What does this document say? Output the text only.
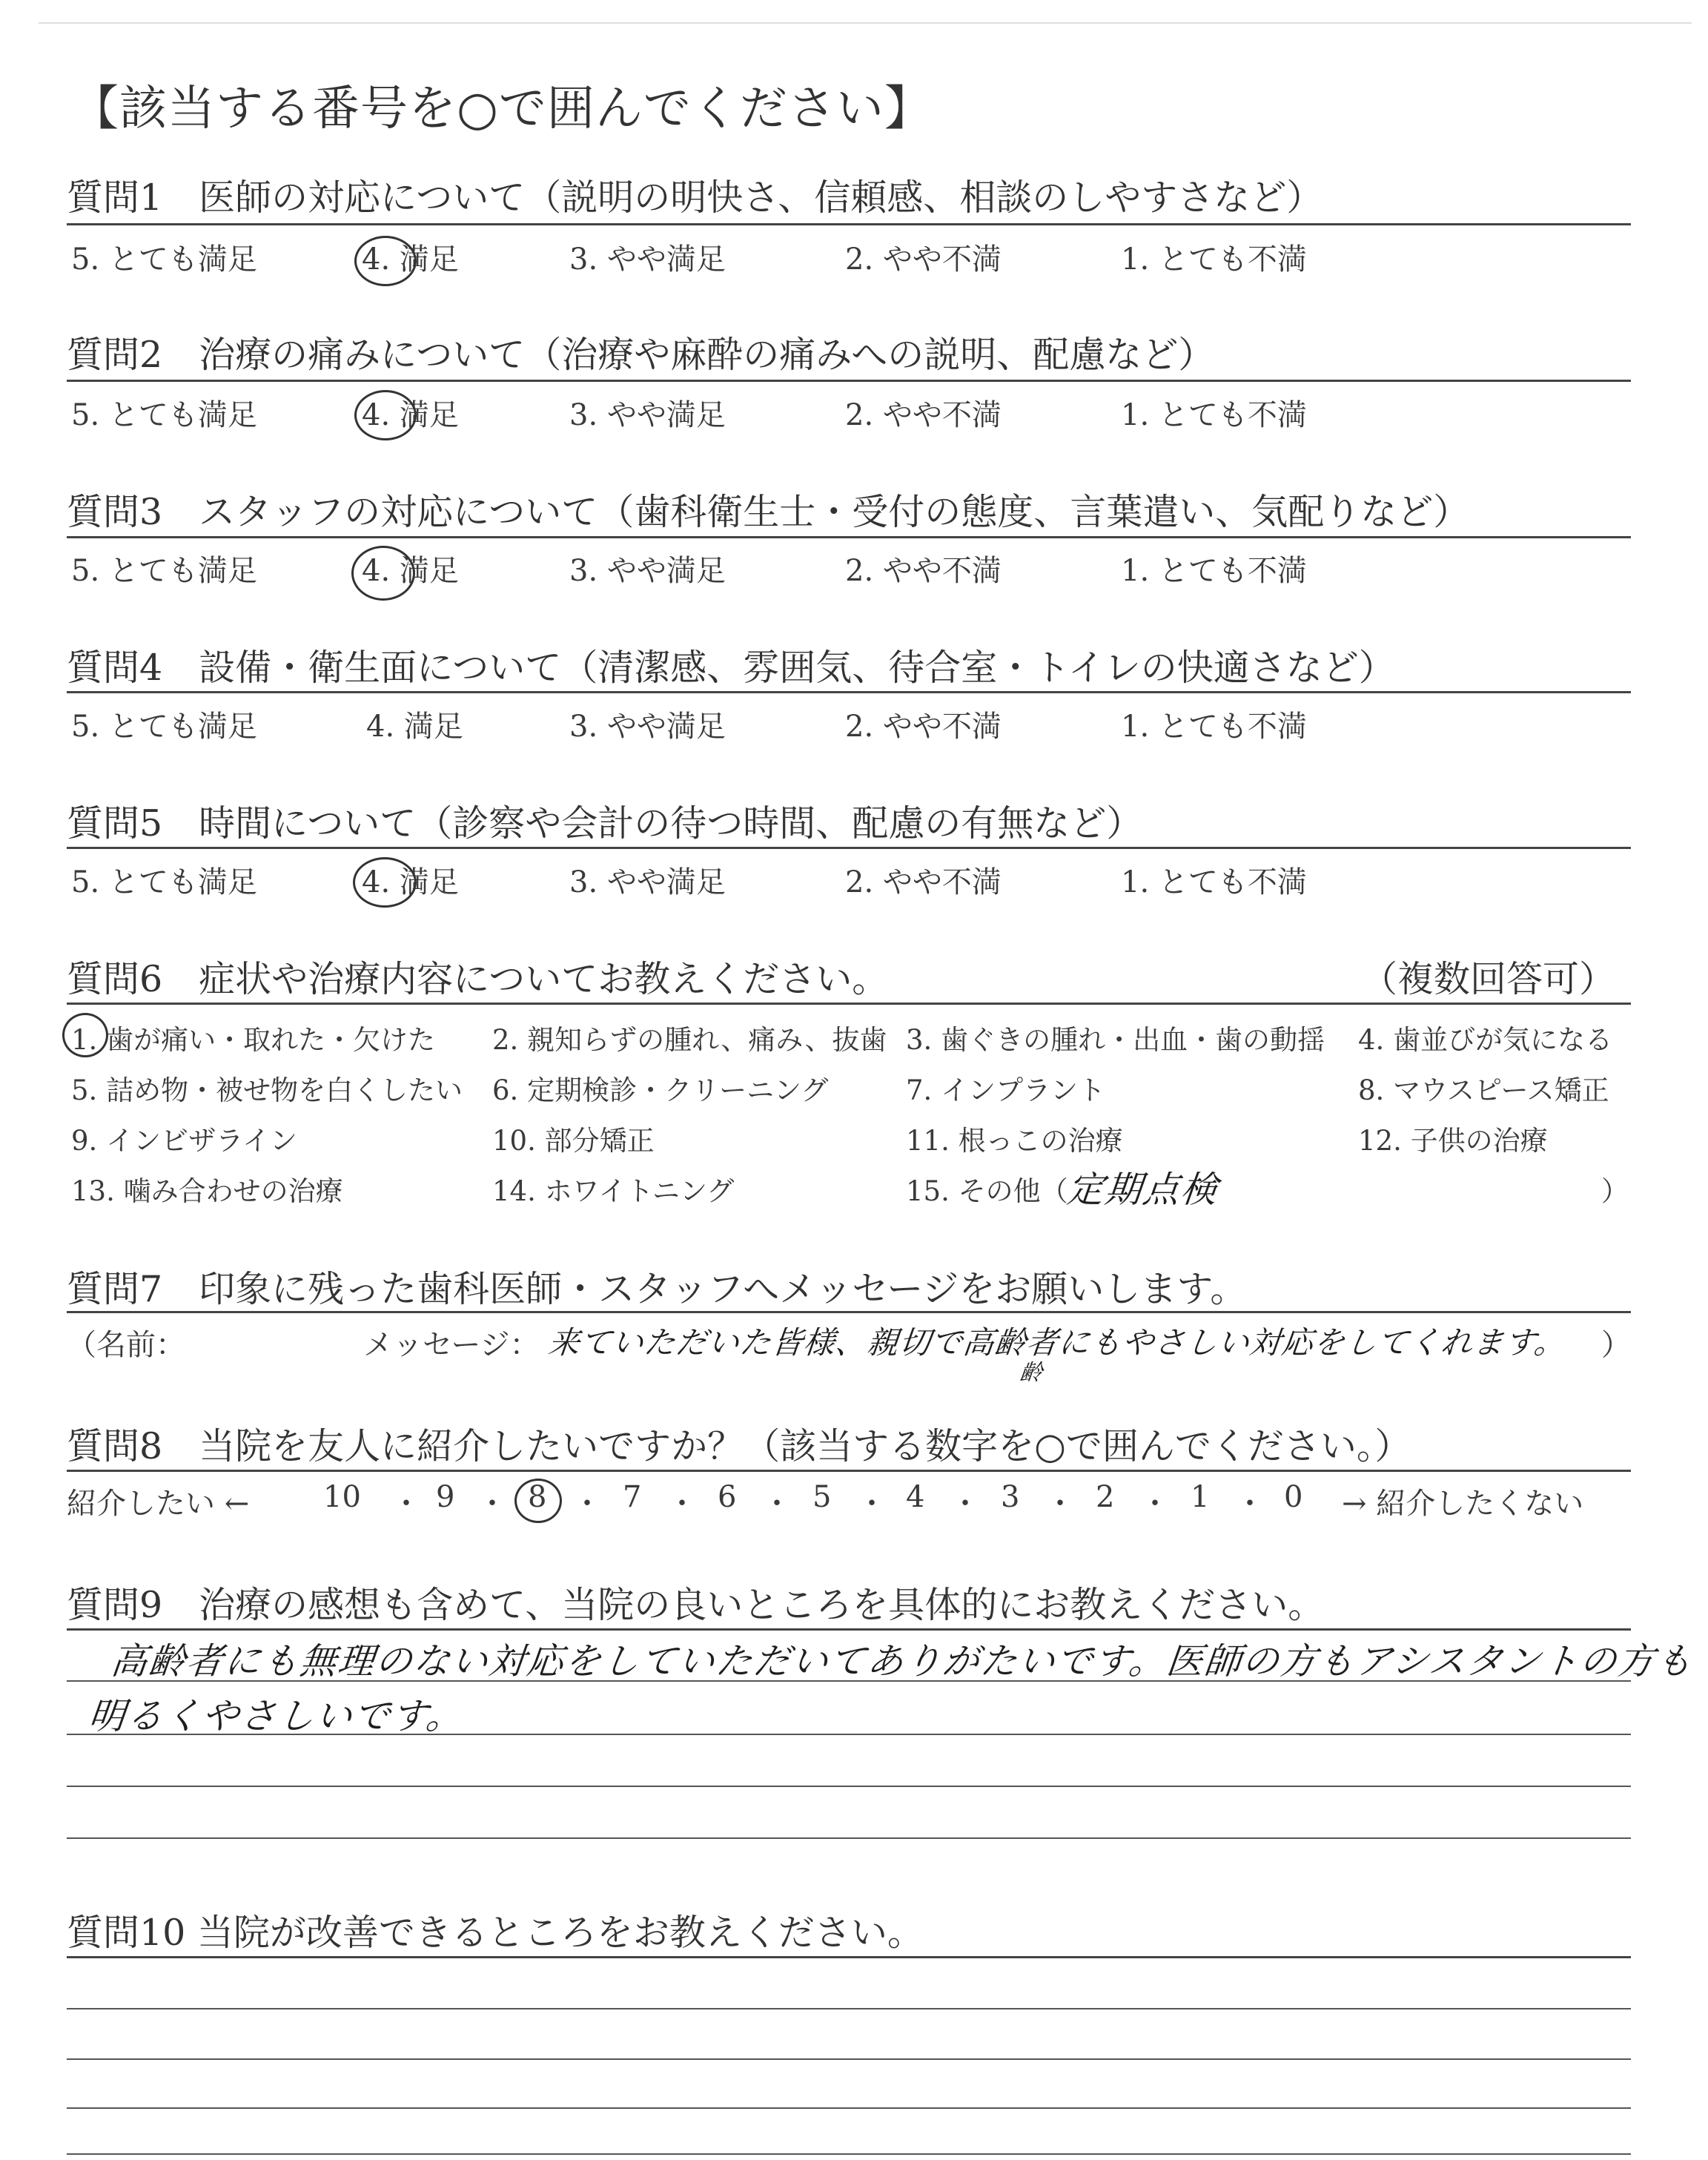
【該当する番号を○で囲んでください】
質問1　医師の対応について（説明の明快さ、信頼感、相談のしやすさなど）
5. とても満足	4. 満足	3. やや満足	2. やや不満	1. とても不満
質問2　治療の痛みについて（治療や麻酔の痛みへの説明、配慮など）
5. とても満足	4. 満足	3. やや満足	2. やや不満	1. とても不満
質問3　スタッフの対応について（歯科衛生士・受付の態度、言葉遣い、気配りなど）
5. とても満足	4. 満足	3. やや満足	2. やや不満	1. とても不満
質問4　設備・衛生面について（清潔感、雰囲気、待合室・トイレの快適さなど）
5. とても満足	4. 満足	3. やや満足	2. やや不満	1. とても不満
質問5　時間について（診察や会計の待つ時間、配慮の有無など）
5. とても満足	4. 満足	3. やや満足	2. やや不満	1. とても不満
質問6　症状や治療内容についてお教えください。	（複数回答可）
1. 歯が痛い・取れた・欠けた 2. 親知らずの腫れ、痛み、抜歯 3. 歯ぐきの腫れ・出血・歯の動揺 4. 歯並びが気になる
5. 詰め物・被せ物を白くしたい 6. 定期検診・クリーニング	7. インプラント	8. マウスピース矯正
9. インビザライン	10. 部分矯正	11. 根っこの治療	12. 子供の治療
13. 噛み合わせの治療	14. ホワイトニング	15. その他（
定期点検	）
質問7　印象に残った歯科医師・スタッフへメッセージをお願いします。
（名前：	メッセージ： 来ていただいた皆様、親切で高齢者にもやさしい対応をしてくれます。
齢
）
質問8　当院を友人に紹介したいですか？（該当する数字を○で囲んでください。）
紹介したい ← 10 ・ 9 ・ 8 ・ 7 ・ 6 ・ 5 ・ 4 ・ 3 ・ 2 ・ 1 ・ 0 → 紹介したくない
質問9　治療の感想も含めて、当院の良いところを具体的にお教えください。
高齢者にも無理のない対応をしていただいてありがたいです。医師の方もアシスタントの方も
明るくやさしいです。
質問10 当院が改善できるところをお教えください。
